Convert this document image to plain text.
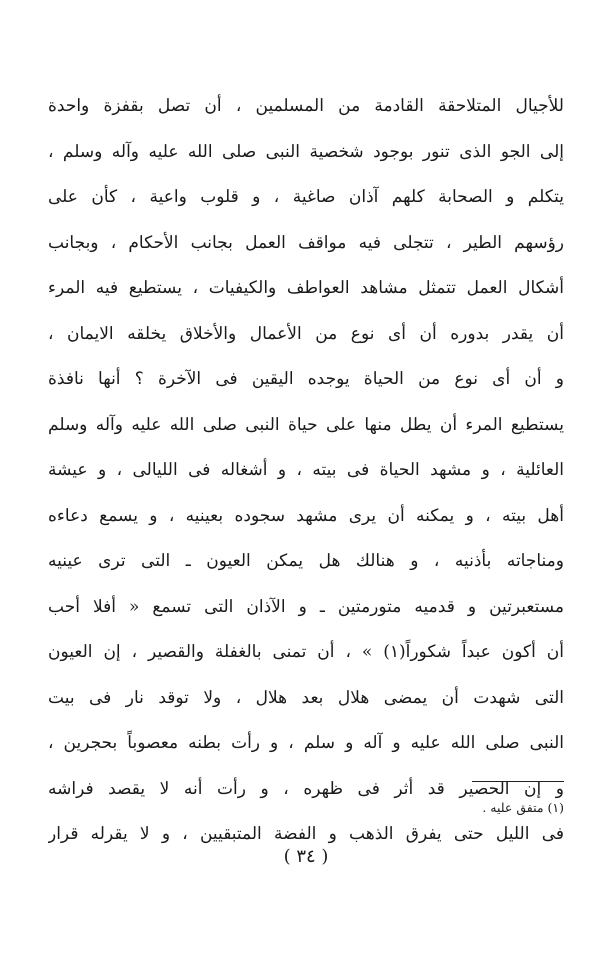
للأجيال المتلاحقة القادمة من المسلمين ، أن تصل بقفزة واحدة
إلى الجو الذى تنور بوجود شخصية النبى صلى الله عليه وآله وسلم ،
يتكلم و الصحابة كلهم آذان صاغية ، و قلوب واعية ، كأن على
رؤسهم الطير ، تتجلى فيه مواقف العمل بجانب الأحكام ، وبجانب
أشكال العمل تتمثل مشاهد العواطف والكيفيات ، يستطيع فيه المرء
أن يقدر بدوره أن أى نوع من الأعمال والأخلاق يخلقه الايمان ،
و أن أى نوع من الحياة يوجده اليقين فى الآخرة ؟ أنها نافذة
يستطيع المرء أن يطل منها على حياة النبى صلى الله عليه وآله وسلم
العائلية ، و مشهد الحياة فى بيته ، و أشغاله فى الليالى ، و عيشة
أهل بيته ، و يمكنه أن يرى مشهد سجوده بعينيه ، و يسمع دعاءه
ومناجاته بأذنيه ، و هنالك هل يمكن العيون ـ التى ترى عينيه
مستعبرتين و قدميه متورمتين ـ و الآذان التى تسمع « أفلا أحب
أن أكون عبداً شكوراً(١) » ، أن تمنى بالغفلة والقصير ، إن العيون
التى شهدت أن يمضى هلال بعد هلال ، ولا توقد نار فى بيت
النبى صلى الله عليه و آله و سلم ، و رأت بطنه معصوباً بحجرين ،
و إن الحصير قد أثر فى ظهره ، و رأت أنه لا يقصد فراشه
فى الليل حتى يفرق الذهب و الفضة المتبقيين ، و لا يقرله قرار
(١) متفق عليه .
( ٣٤ )
